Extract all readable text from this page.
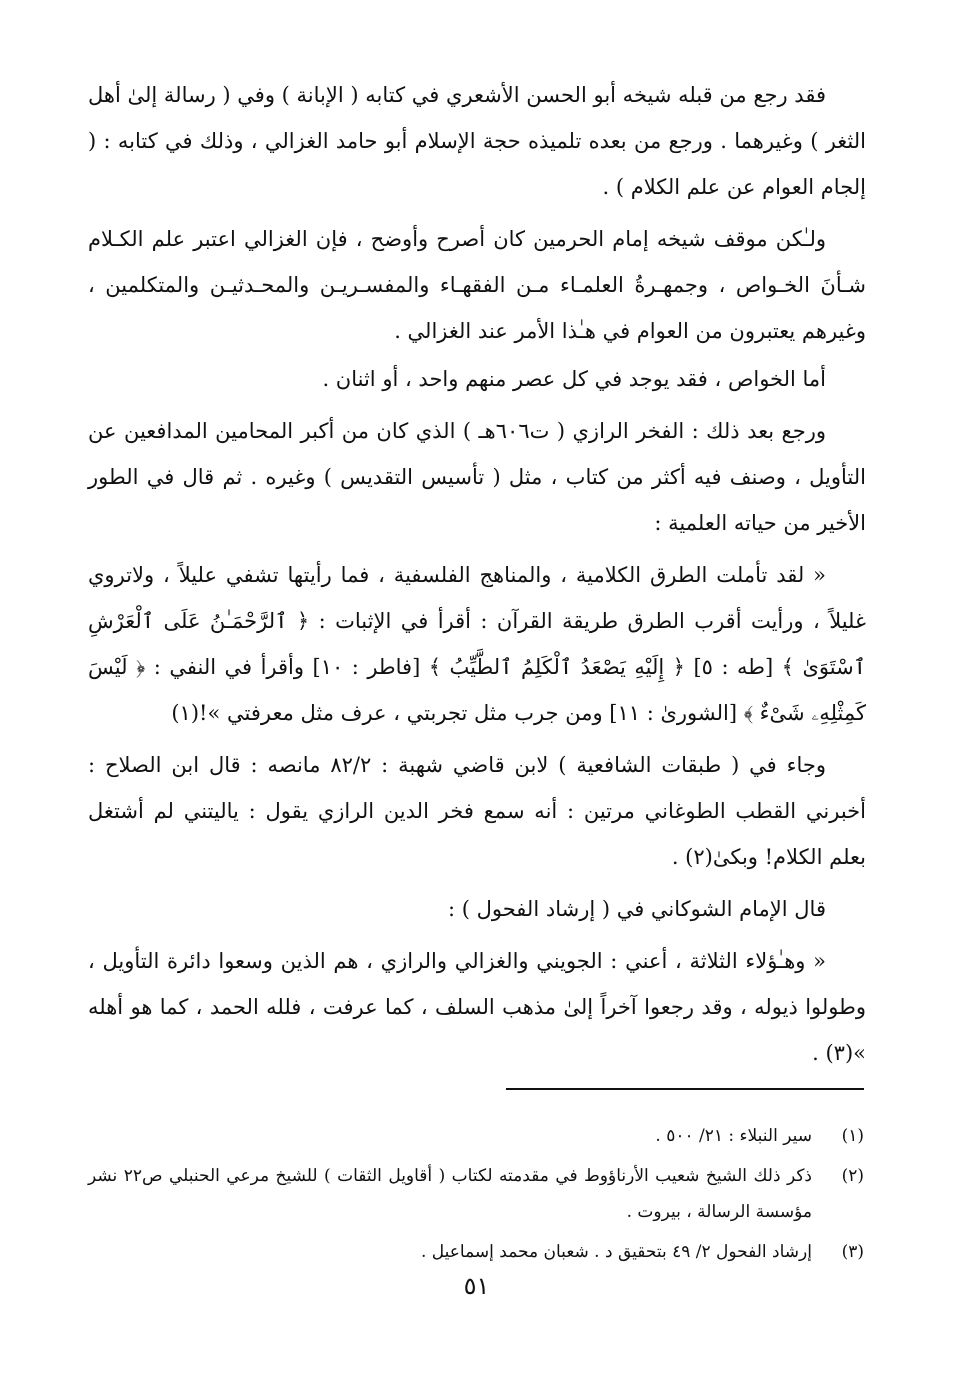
فقد رجع من قبله شيخه أبو الحسن الأشعري في كتابه ( الإبانة ) وفي ( رسالة إلىٰ أهل الثغر ) وغيرهما . ورجع من بعده تلميذه حجة الإسلام أبو حامد الغزالي ، وذلك في كتابه : ( إلجام العوام عن علم الكلام ) .

ولـٰكن موقف شيخه إمام الحرمين كان أصرح وأوضح ، فإن الغزالي اعتبر علم الكـلام شـأنَ الخـواص ، وجمهـرةُ العلمـاء مـن الفقهـاء والمفسـريـن والمحـدثيـن والمتكلمين ، وغيرهم يعتبرون من العوام في هـٰذا الأمر عند الغزالي .

أما الخواص ، فقد يوجد في كل عصر منهم واحد ، أو اثنان .

ورجع بعد ذلك : الفخر الرازي ( ت٦٠٦هـ ) الذي كان من أكبر المحامين المدافعين عن التأويل ، وصنف فيه أكثر من كتاب ، مثل ( تأسيس التقديس ) وغيره . ثم قال في الطور الأخير من حياته العلمية :

« لقد تأملت الطرق الكلامية ، والمناهج الفلسفية ، فما رأيتها تشفي عليلاً ، ولاتروي غليلاً ، ورأيت أقرب الطرق طريقة القرآن : أقرأ في الإثبات : ﴿ ٱلرَّحْمَـٰنُ عَلَى ٱلْعَرْشِ ٱسْتَوَىٰ ﴾ [طه : ٥] ﴿ إِلَيْهِ يَصْعَدُ ٱلْكَلِمُ ٱلطَّيِّبُ ﴾ [فاطر : ١٠] وأقرأ في النفي : ﴿ لَيْسَ كَمِثْلِهِۦ شَىْءٌ ﴾ [الشورىٰ : ١١] ومن جرب مثل تجربتي ، عرف مثل معرفتي »!(١)

وجاء في ( طبقات الشافعية ) لابن قاضي شهبة : ٨٢/٢ مانصه : قال ابن الصلاح : أخبرني القطب الطوغاني مرتين : أنه سمع فخر الدين الرازي يقول : ياليتني لم أشتغل بعلم الكلام! وبكىٰ(٢) .

قال الإمام الشوكاني في ( إرشاد الفحول ) :

« وهـٰؤلاء الثلاثة ، أعني : الجويني والغزالي والرازي ، هم الذين وسعوا دائرة التأويل ، وطولوا ذيوله ، وقد رجعوا آخراً إلىٰ مذهب السلف ، كما عرفت ، فلله الحمد ، كما هو أهله »(٣) .

(١)
سير النبلاء : ٢١/ ٥٠٠ .
(٢)
ذكر ذلك الشيخ شعيب الأرناؤوط في مقدمته لكتاب ( أقاويل الثقات ) للشيخ مرعي الحنبلي ص٢٢ نشر مؤسسة الرسالة ، بيروت .
(٣)
إرشاد الفحول ٢/ ٤٩ بتحقيق د . شعبان محمد إسماعيل .
٥١
